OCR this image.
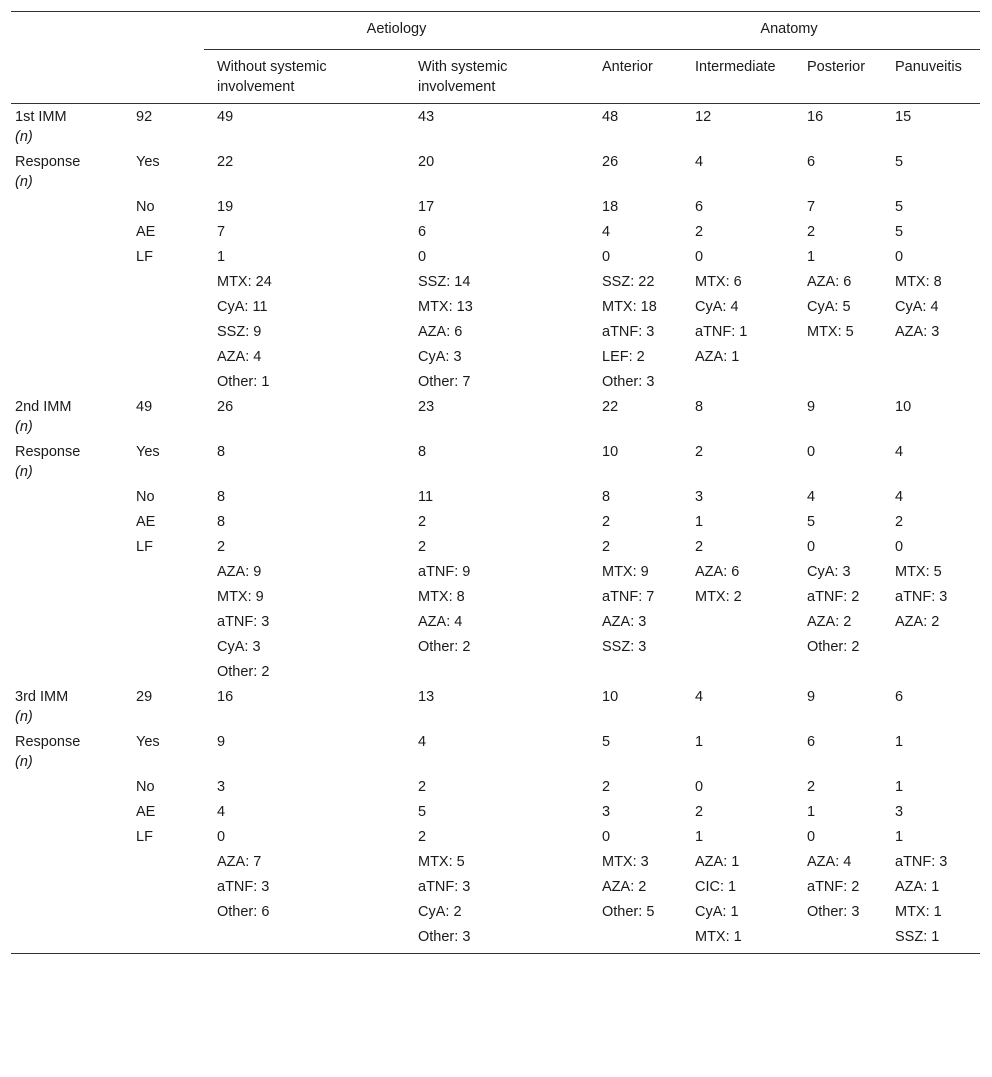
		Aetiology		Anatomy			
		Without systemic involvement	With systemic involvement	Anterior	Intermediate	Posterior	Panuveitis
1st IMM
(n)	92	49	43	48	12	16	15
Response
(n)	Yes	22	20	26	4	6	5
	No	19	17	18	6	7	5
	AE	7	6	4	2	2	5
	LF	1	0	0	0	1	0
		MTX: 24	SSZ: 14	SSZ: 22	MTX: 6	AZA: 6	MTX: 8
		CyA: 11	MTX: 13	MTX: 18	CyA: 4	CyA: 5	CyA: 4
		SSZ: 9	AZA: 6	aTNF: 3	aTNF: 1	MTX: 5	AZA: 3
		AZA: 4	CyA: 3	LEF: 2	AZA: 1		
		Other: 1	Other: 7	Other: 3			
2nd IMM
(n)	49	26	23	22	8	9	10
Response
(n)	Yes	8	8	10	2	0	4
	No	8	11	8	3	4	4
	AE	8	2	2	1	5	2
	LF	2	2	2	2	0	0
		AZA: 9	aTNF: 9	MTX: 9	AZA: 6	CyA: 3	MTX: 5
		MTX: 9	MTX: 8	aTNF: 7	MTX: 2	aTNF: 2	aTNF: 3
		aTNF: 3	AZA: 4	AZA: 3		AZA: 2	AZA: 2
		CyA: 3	Other: 2	SSZ: 3		Other: 2	
		Other: 2					
3rd IMM
(n)	29	16	13	10	4	9	6
Response
(n)	Yes	9	4	5	1	6	1
	No	3	2	2	0	2	1
	AE	4	5	3	2	1	3
	LF	0	2	0	1	0	1
		AZA: 7	MTX: 5	MTX: 3	AZA: 1	AZA: 4	aTNF: 3
		aTNF: 3	aTNF: 3	AZA: 2	CIC: 1	aTNF: 2	AZA: 1
		Other: 6	CyA: 2	Other: 5	CyA: 1	Other: 3	MTX: 1
			Other: 3		MTX: 1		SSZ: 1
